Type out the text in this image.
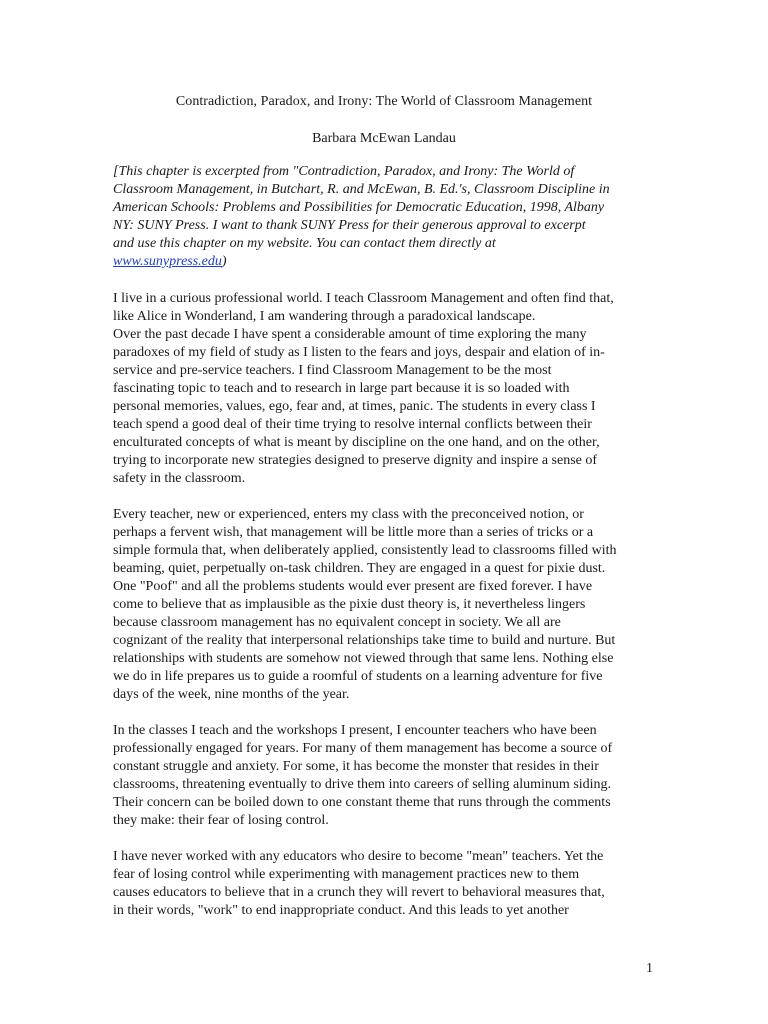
Contradiction, Paradox, and Irony: The World of Classroom Management
Barbara McEwan Landau
[This chapter is excerpted from "Contradiction, Paradox, and Irony: The World of
Classroom Management, in Butchart, R. and McEwan, B. Ed.'s, Classroom Discipline in
American Schools: Problems and Possibilities for Democratic Education, 1998, Albany
NY: SUNY Press. I want to thank SUNY Press for their generous approval to excerpt
and use this chapter on my website. You can contact them directly at
www.sunypress.edu)
I live in a curious professional world. I teach Classroom Management and often find that,
like Alice in Wonderland, I am wandering through a paradoxical landscape.
Over the past decade I have spent a considerable amount of time exploring the many
paradoxes of my field of study as I listen to the fears and joys, despair and elation of in-
service and pre-service teachers. I find Classroom Management to be the most
fascinating topic to teach and to research in large part because it is so loaded with
personal memories, values, ego, fear and, at times, panic. The students in every class I
teach spend a good deal of their time trying to resolve internal conflicts between their
enculturated concepts of what is meant by discipline on the one hand, and on the other,
trying to incorporate new strategies designed to preserve dignity and inspire a sense of
safety in the classroom.
Every teacher, new or experienced, enters my class with the preconceived notion, or
perhaps a fervent wish, that management will be little more than a series of tricks or a
simple formula that, when deliberately applied, consistently lead to classrooms filled with
beaming, quiet, perpetually on-task children. They are engaged in a quest for pixie dust.
One "Poof" and all the problems students would ever present are fixed forever. I have
come to believe that as implausible as the pixie dust theory is, it nevertheless lingers
because classroom management has no equivalent concept in society. We all are
cognizant of the reality that interpersonal relationships take time to build and nurture. But
relationships with students are somehow not viewed through that same lens. Nothing else
we do in life prepares us to guide a roomful of students on a learning adventure for five
days of the week, nine months of the year.
In the classes I teach and the workshops I present, I encounter teachers who have been
professionally engaged for years. For many of them management has become a source of
constant struggle and anxiety. For some, it has become the monster that resides in their
classrooms, threatening eventually to drive them into careers of selling aluminum siding.
Their concern can be boiled down to one constant theme that runs through the comments
they make: their fear of losing control.
I have never worked with any educators who desire to become "mean" teachers. Yet the
fear of losing control while experimenting with management practices new to them
causes educators to believe that in a crunch they will revert to behavioral measures that,
in their words, "work" to end inappropriate conduct. And this leads to yet another
1
